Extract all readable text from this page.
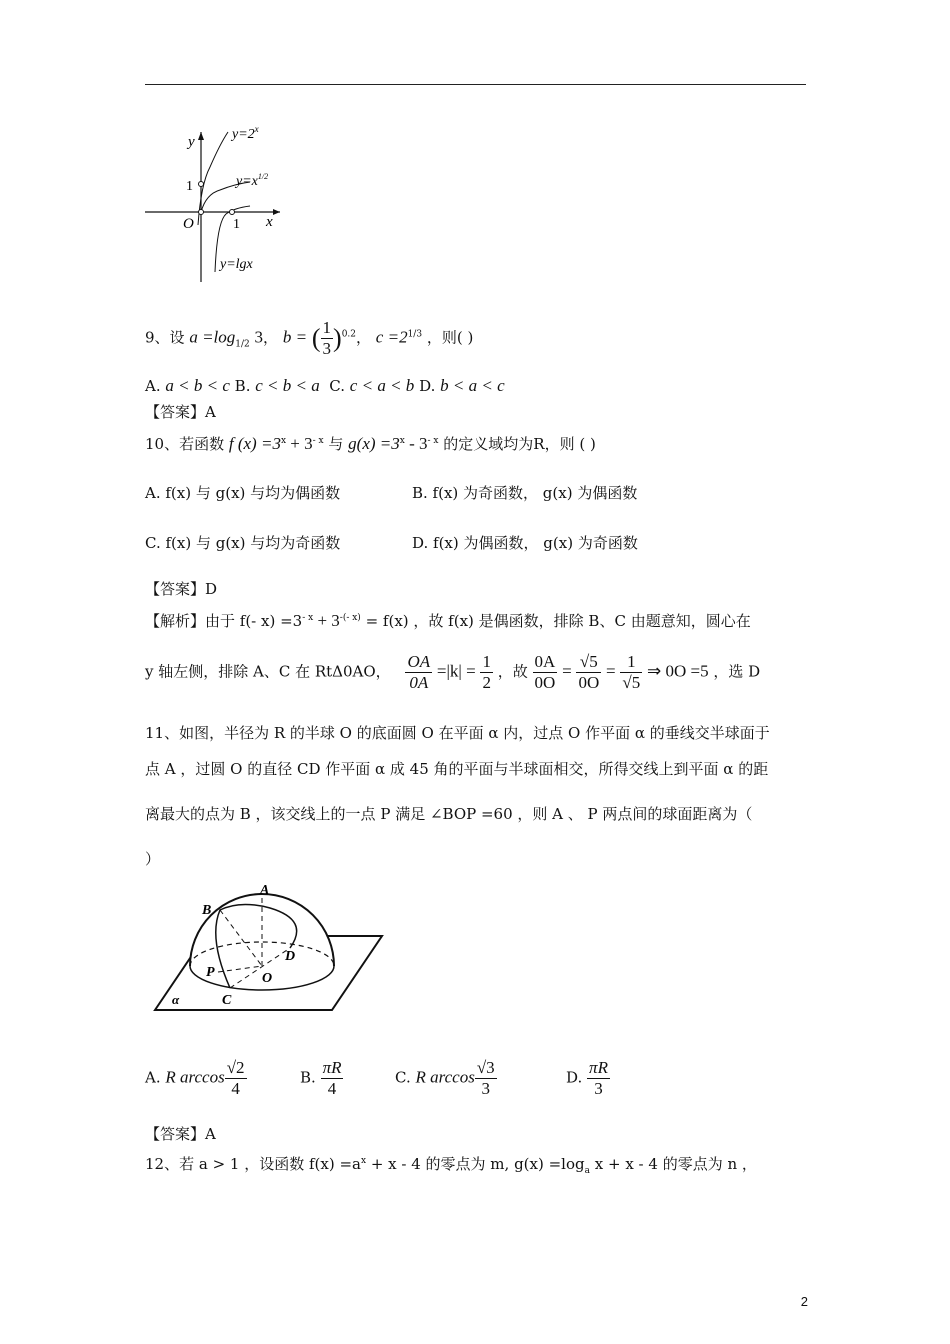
y
x
O
1
1
$y=2^x$
$y=x^{1/2}$
y=lgx
9、设 $a =\log_{1/2}$ 3， b = ( $\frac{1}{3} )^{0.2}$， $c =2^{1/3}$ ，则( )
A. a < b < c B. c < b < a C. c < a < b D. b < a < c
【答案】A
10、若函数 f $(x) =3^x + 3^{- x}$ 与 $g(x) =3^x - 3^{- x}$ 的定义域均为R，则 ( )
A. f(x) 与 g(x) 与均为偶函数	B. f(x) 为奇函数， g(x) 为偶函数
C. f(x) 与 g(x) 与均为奇函数	D. f(x) 为偶函数， g(x) 为奇函数
【答案】D
【解析】由于 f(- $x) =3^{- x} + 3^{-(- x)} = f(x)$ ，故 f(x) 是偶函数，排除 B、C 由题意知，圆心在
y 轴左侧，排除 A、C 在 RtΔ0AO， $\frac{OA}{0A} =|k| = \frac{1}{2}$ ，故 $\frac{0A}{0O} = \frac{√5}{0O} = \frac{1}{√5}$ ⇒ 0O =5 ，选 D
11、如图，半径为 R 的半球 O 的底面圆 O 在平面 α 内，过点 O 作平面 α 的垂线交半球面于
点 A ，过圆 O 的直径 CD 作平面 α 成 45 角的平面与半球面相交，所得交线上到平面 α 的距
离最大的点为 B ，该交线上的一点 P 满足 ∠BOP =60 ，则 A 、 P 两点间的球面距离为（
）
A
B
C
D
O
P
α
A. R $\arccos \frac{√2}{4}$	B. $\frac{\pi R}{4}$	C. R $\arccos \frac{√3}{3}$	D. $\frac{\pi R}{3}$
【答案】A
12、若 a > 1 ，设函数 $f(x) =a^x + x - 4$ 的零点为 m, $g(x) =\log_a$ x + x - 4 的零点为 n ，
2
